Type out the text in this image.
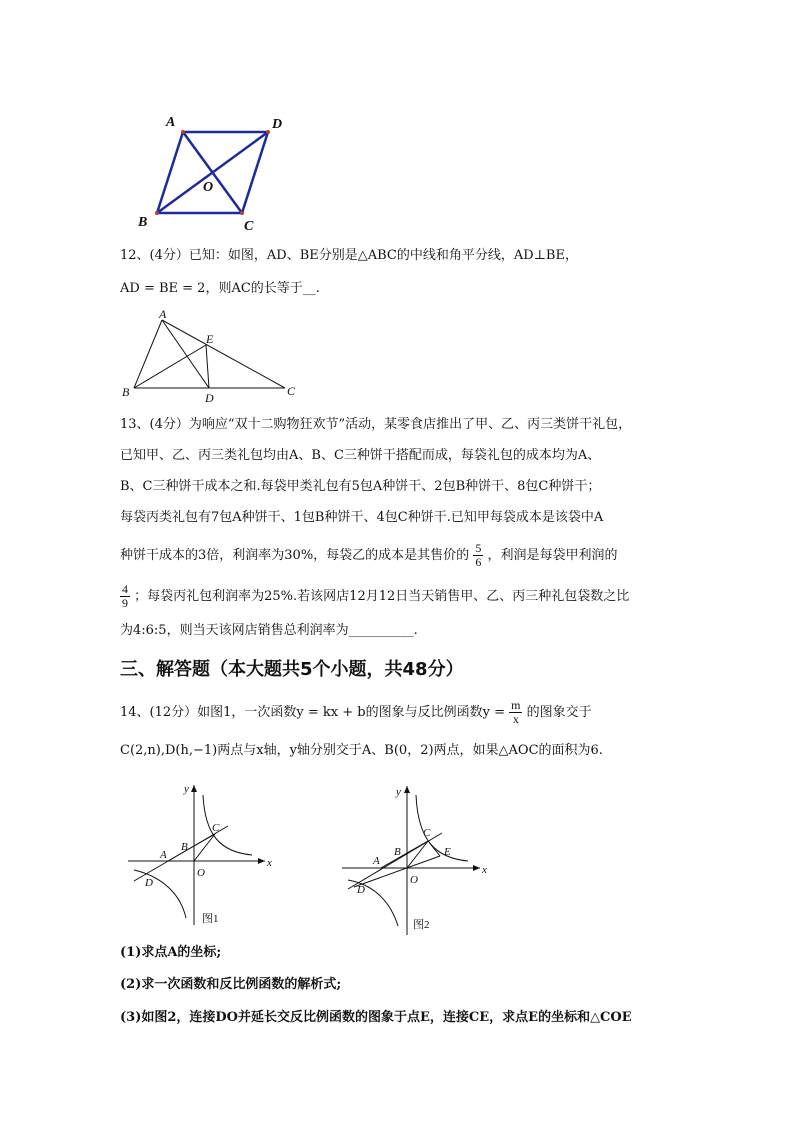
A	D
O
B	C
12、(4分）已知：如图，AD、BE分别是△ABC的中线和角平分线，AD⊥BE，
AD = BE = 2，则AC的长等于__.
A
E
B	D	C
13、(4分）为响应“双十二购物狂欢节”活动，某零食店推出了甲、乙、丙三类饼干礼包，
已知甲、乙、丙三类礼包均由A、B、C三种饼干搭配而成，每袋礼包的成本均为A、
B、C三种饼干成本之和.每袋甲类礼包有5包A种饼干、2包B种饼干、8包C种饼干；
每袋丙类礼包有7包A种饼干、1包B种饼干、4包C种饼干.已知甲每袋成本是该袋中A
种饼干成本的3倍，利润率为30%，每袋乙的成本是其售价的 $\frac{5}{6}$ ，利润是每袋甲利润的
$\frac{4}{9}$ ；每袋丙礼包利润率为25%.若该网店12月12日当天销售甲、乙、丙三种礼包袋数之比
为4:6:5，则当天该网店销售总利润率为__________.
三、解答题（本大题共5个小题，共48分）
14、(12分）如图1，一次函数y = kx + b的图象与反比例函数$y = \frac{m}{x}$ 的图象交于
C(2,n),D(h,−1)两点与x轴，y轴分别交于A、B(0，2)两点，如果△AOC的面积为6.
y
x
C
B
A
O
D
图1
y
x
C
E
B
A
O
D
图2
(1)求点A的坐标;
(2)求一次函数和反比例函数的解析式;
(3)如图2，连接DO并延长交反比例函数的图象于点E，连接CE，求点E的坐标和△COE
